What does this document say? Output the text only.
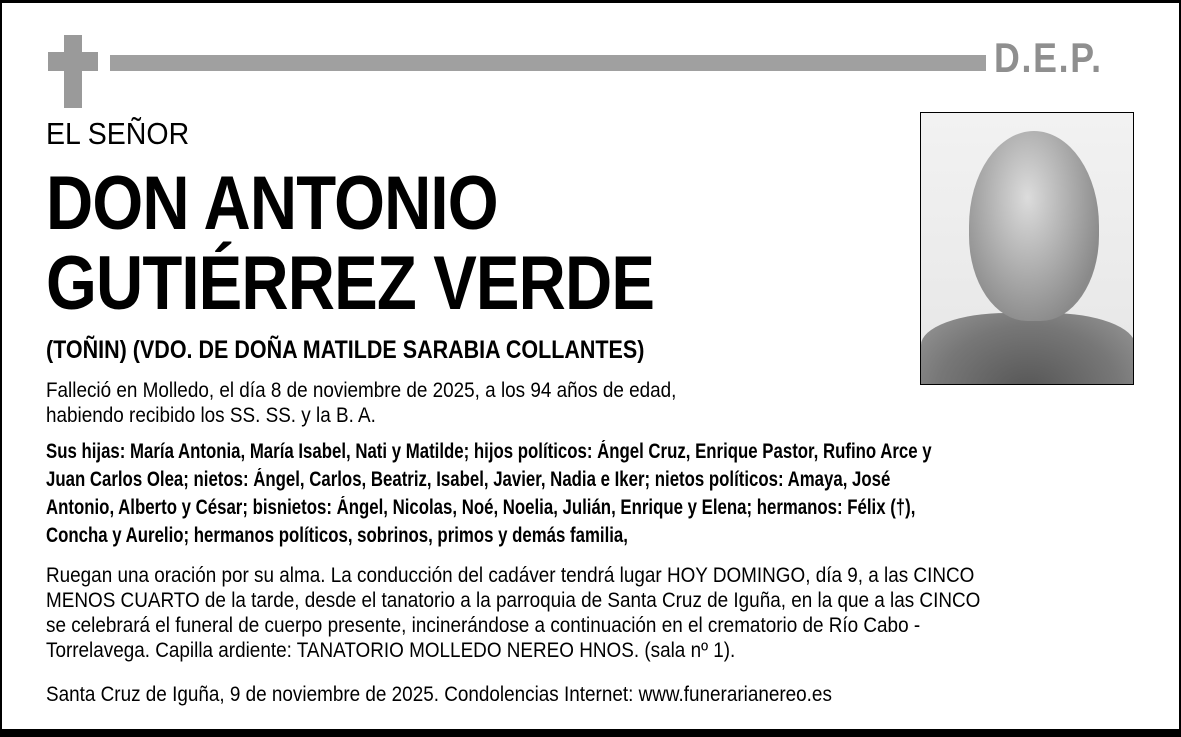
D.E.P.
EL SEÑOR
DON ANTONIO
GUTIÉRREZ VERDE
(TOÑIN) (VDO. DE DOÑA MATILDE SARABIA COLLANTES)
Falleció en Molledo, el día 8 de noviembre de 2025, a los 94 años de edad,
habiendo recibido los SS. SS. y la B. A.
Sus hijas: María Antonia, María Isabel, Nati y Matilde; hijos políticos: Ángel Cruz, Enrique Pastor, Rufino Arce y
Juan Carlos Olea; nietos: Ángel, Carlos, Beatriz, Isabel, Javier, Nadia e Iker; nietos políticos: Amaya, José
Antonio, Alberto y César; bisnietos: Ángel, Nicolas, Noé, Noelia, Julián, Enrique y Elena; hermanos: Félix (†),
Concha y Aurelio; hermanos políticos, sobrinos, primos y demás familia,
Ruegan una oración por su alma. La conducción del cadáver tendrá lugar HOY DOMINGO, día 9, a las CINCO
MENOS CUARTO de la tarde, desde el tanatorio a la parroquia de Santa Cruz de Iguña, en la que a las CINCO
se celebrará el funeral de cuerpo presente, incinerándose a continuación en el crematorio de Río Cabo -
Torrelavega. Capilla ardiente: TANATORIO MOLLEDO NEREO HNOS. (sala nº 1).
Santa Cruz de Iguña, 9 de noviembre de 2025. Condolencias Internet: www.funerarianereo.es
